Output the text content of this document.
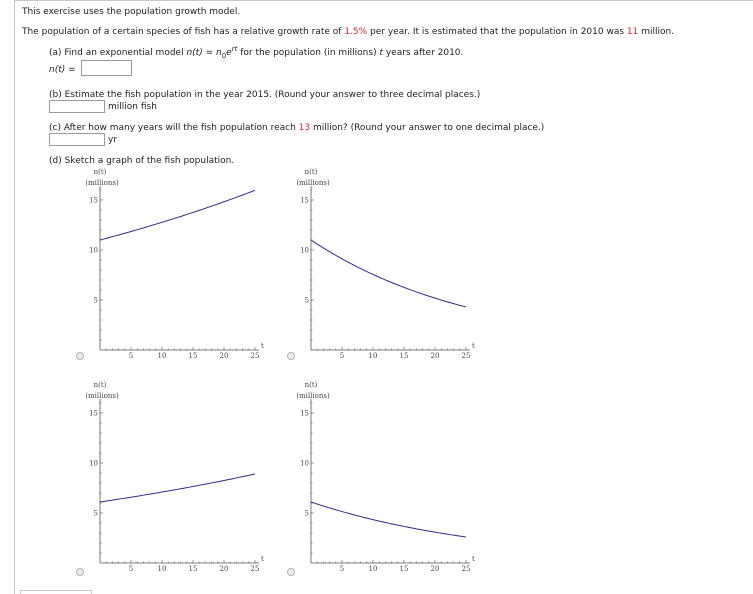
This exercise uses the population growth model.
The population of a certain species of fish has a relative growth rate of 1.5% per year. It is estimated that the population in 2010 was 11 million.
(a) Find an exponential model $n(t) = n_0e^{rt}$ for the population (in millions) t years after 2010.
n(t) =
(b) Estimate the fish population in the year 2015. (Round your answer to three decimal places.)
million fish
(c) After how many years will the fish population reach 13 million? (Round your answer to one decimal place.)
yr
(d) Sketch a graph of the fish population.
n(t)
(millions)
5	10	15	20	25
t
5
10
15
n(t)
(millions)
5	10	15	20	25
t
5
10
15
n(t)
(millions)
5	10	15	20	25
t
5
10
15
n(t)
(millions)
5	10	15	20	25
t
5
10
15
